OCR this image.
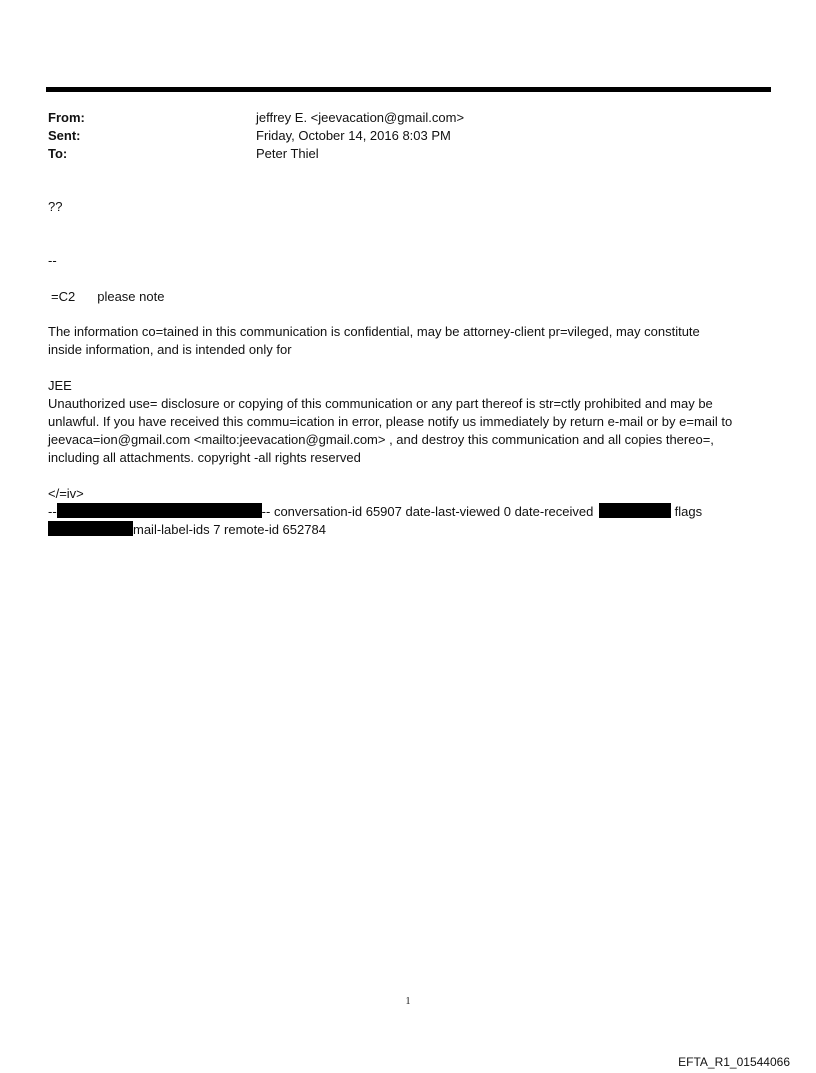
From:	jeffrey E. <jeevacation@gmail.com>
Sent:	Friday, October 14, 2016 8:03 PM
To:	Peter Thiel
??
--
=C2 please note
The information co=tained in this communication is confidential, may be attorney-client pr=vileged, may constitute
inside information, and is intended only for
JEE
Unauthorized use= disclosure or copying of this communication or any part thereof is str=ctly prohibited and may be
unlawful. If you have received this commu=ication in error, please notify us immediately by return e-mail or by e=mail to
jeevaca=ion@gmail.com <mailto:jeevacation@gmail.com> , and destroy this communication and all copies thereo=,
including all attachments. copyright -all rights reserved
</=iv>
--	-- conversation-id 65907 date-last-viewed 0 date-received	flags
mail-label-ids 7 remote-id 652784
1
EFTA_R1_01544066
